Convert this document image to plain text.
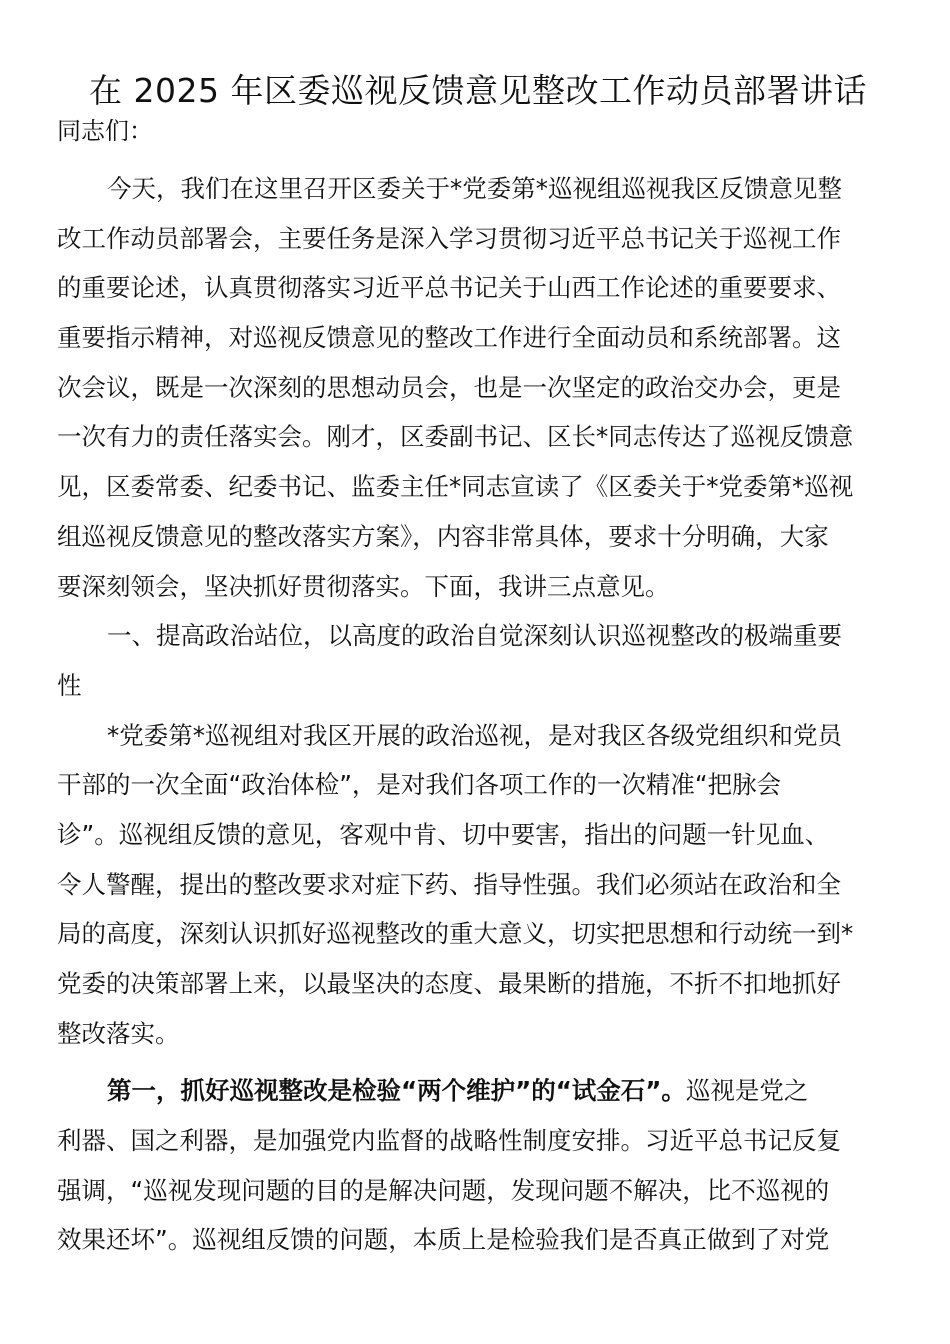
在 2025 年区委巡视反馈意见整改工作动员部署讲话

同志们：

今天，我们在这里召开区委关于*党委第*巡视组巡视我区反馈意见整

改工作动员部署会，主要任务是深入学习贯彻习近平总书记关于巡视工作

的重要论述，认真贯彻落实习近平总书记关于山西工作论述的重要要求、

重要指示精神，对巡视反馈意见的整改工作进行全面动员和系统部署。这

次会议，既是一次深刻的思想动员会，也是一次坚定的政治交办会，更是

一次有力的责任落实会。刚才，区委副书记、区长*同志传达了巡视反馈意

见，区委常委、纪委书记、监委主任*同志宣读了《区委关于*党委第*巡视

组巡视反馈意见的整改落实方案》，内容非常具体，要求十分明确，大家

要深刻领会，坚决抓好贯彻落实。下面，我讲三点意见。

一、提高政治站位，以高度的政治自觉深刻认识巡视整改的极端重要

性

*党委第*巡视组对我区开展的政治巡视，是对我区各级党组织和党员

干部的一次全面“政治体检”，是对我们各项工作的一次精准“把脉会

诊”。巡视组反馈的意见，客观中肯、切中要害，指出的问题一针见血、

令人警醒，提出的整改要求对症下药、指导性强。我们必须站在政治和全

局的高度，深刻认识抓好巡视整改的重大意义，切实把思想和行动统一到*

党委的决策部署上来，以最坚决的态度、最果断的措施，不折不扣地抓好

整改落实。

第一，抓好巡视整改是检验“两个维护”的“试金石”。巡视是党之

利器、国之利器，是加强党内监督的战略性制度安排。习近平总书记反复

强调，“巡视发现问题的目的是解决问题，发现问题不解决，比不巡视的

效果还坏”。巡视组反馈的问题，本质上是检验我们是否真正做到了对党
